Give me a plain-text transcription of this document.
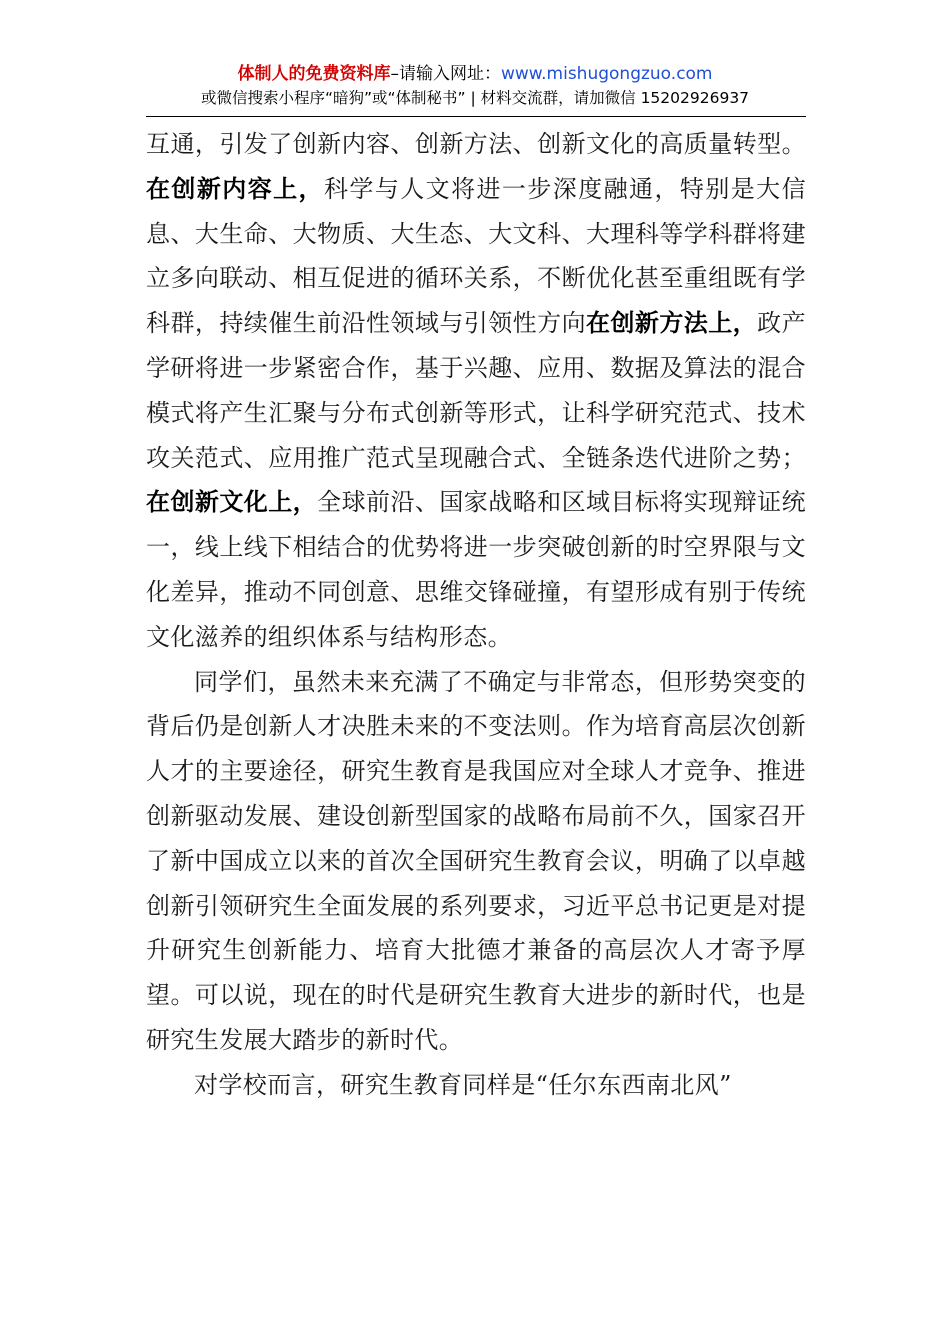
体制人的免费资料库–请输入网址：www.mishugongzuo.com
或微信搜索小程序“暗狗”或“体制秘书” | 材料交流群，请加微信 15202926937

互通，引发了创新内容、创新方法、创新文化的高质量转型。在创新内容上，科学与人文将进一步深度融通，特别是大信息、大生命、大物质、大生态、大文科、大理科等学科群将建立多向联动、相互促进的循环关系，不断优化甚至重组既有学科群，持续催生前沿性领域与引领性方向在创新方法上，政产学研将进一步紧密合作，基于兴趣、应用、数据及算法的混合模式将产生汇聚与分布式创新等形式，让科学研究范式、技术攻关范式、应用推广范式呈现融合式、全链条迭代进阶之势；在创新文化上，全球前沿、国家战略和区域目标将实现辩证统一，线上线下相结合的优势将进一步突破创新的时空界限与文化差异，推动不同创意、思维交锋碰撞，有望形成有别于传统文化滋养的组织体系与结构形态。

同学们，虽然未来充满了不确定与非常态，但形势突变的背后仍是创新人才决胜未来的不变法则。作为培育高层次创新人才的主要途径，研究生教育是我国应对全球人才竞争、推进创新驱动发展、建设创新型国家的战略布局前不久，国家召开了新中国成立以来的首次全国研究生教育会议，明确了以卓越创新引领研究生全面发展的系列要求，习近平总书记更是对提升研究生创新能力、培育大批德才兼备的高层次人才寄予厚望。可以说，现在的时代是研究生教育大进步的新时代，也是研究生发展大踏步的新时代。

对学校而言，研究生教育同样是“任尔东西南北风”
